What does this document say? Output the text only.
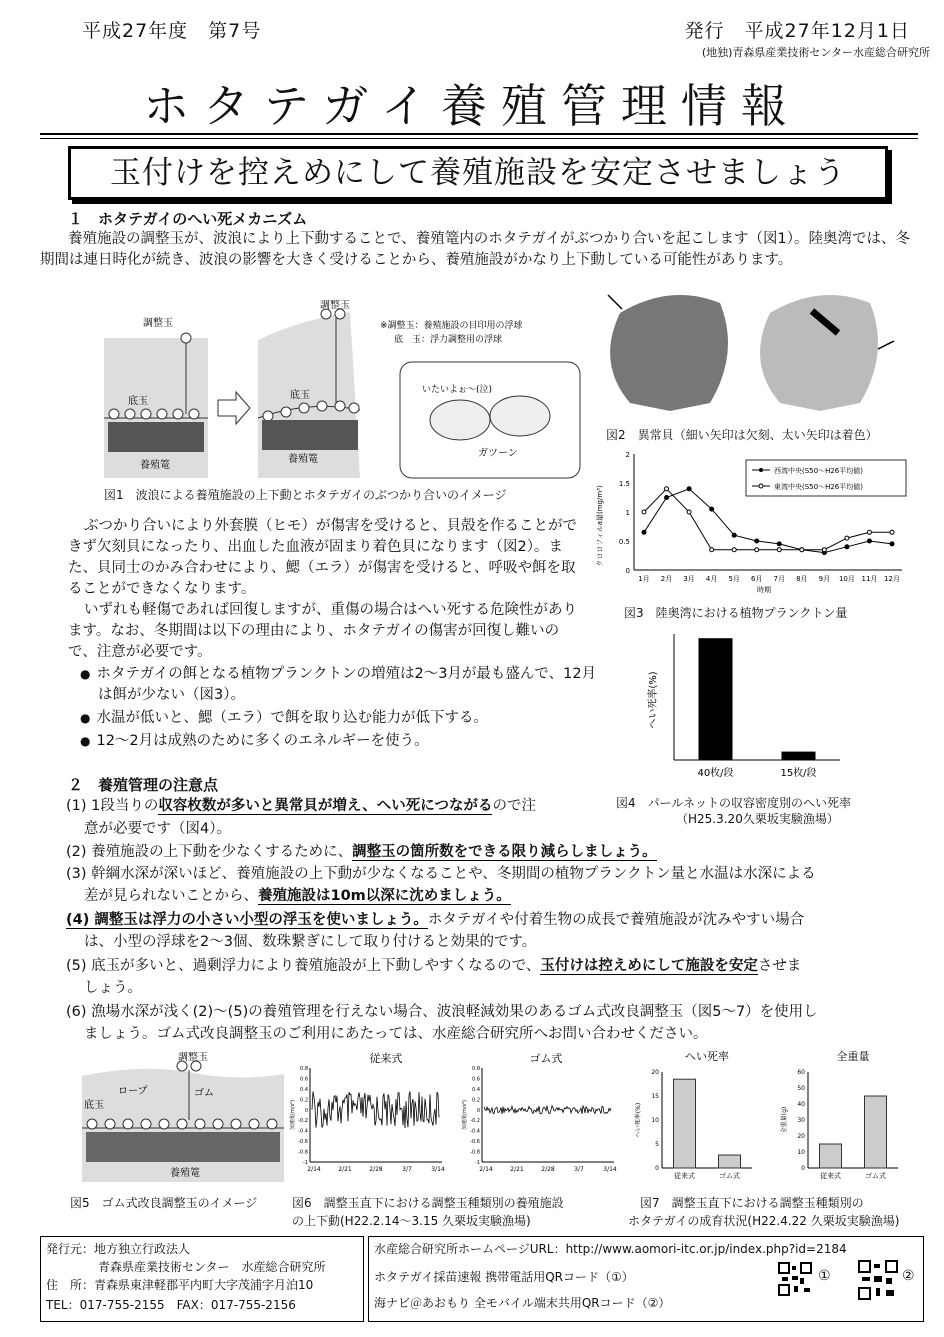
平成27年度　第7号	発行　平成27年12月1日
(地独)青森県産業技術センター水産総合研究所
ホタテガイ養殖管理情報
玉付けを控えめにして養殖施設を安定させましょう
１　ホタテガイのへい死メカニズム
養殖施設の調整玉が、波浪により上下動することで、養殖篭内のホタテガイがぶつかり合いを起こします（図1）。陸奥湾では、冬期間は連日時化が続き、波浪の影響を大きく受けることから、養殖施設がかなり上下動している可能性があります。
調整玉
底玉
養殖篭
底玉
調整玉
養殖篭
※調整玉：養殖施設の目印用の浮球
底　玉：浮力調整用の浮球
いたいよぉ～(泣)
ガツーン
図1　波浪による養殖施設の上下動とホタテガイのぶつかり合いのイメージ
図2　異常貝（細い矢印は欠刻、太い矢印は着色）
クロロフィルa量(mg/m³)
時期
西湾中央(S50～H26平均値)
東湾中央(S50～H26平均値)
0
0.5
1
1.5
2
1月 2月 3月 4月 5月 6月 7月 8月 9月 10月 11月 12月
図3　陸奥湾における植物プランクトン量
ぶつかり合いにより外套膜（ヒモ）が傷害を受けると、貝殻を作ることができず欠刻貝になったり、出血した血液が固まり着色貝になります（図2）。また、貝同士のかみ合わせにより、鰓（エラ）が傷害を受けると、呼吸や餌を取ることができなくなります。
いずれも軽傷であれば回復しますが、重傷の場合はへい死する危険性があります。なお、冬期間は以下の理由により、ホタテガイの傷害が回復し難いので、注意が必要です。
● ホタテガイの餌となる植物プランクトンの増殖は2～3月が最も盛んで、12月は餌が少ない（図3）。
● 水温が低いと、鰓（エラ）で餌を取り込む能力が低下する。
● 12～2月は成熟のために多くのエネルギーを使う。
へい死率(%)
40枚/段	15枚/段
図4　パールネットの収容密度別のへい死率
（H25.3.20久栗坂実験漁場）
２　養殖管理の注意点
(1) 1段当りの収容枚数が多いと異常貝が増え、へい死につながるので注
意が必要です（図4）。
(2) 養殖施設の上下動を少なくするために、調整玉の箇所数をできる限り減らしましょう。
(3) 幹綱水深が深いほど、養殖施設の上下動が少なくなることや、冬期間の植物プランクトン量と水温は水深による
差が見られないことから、養殖施設は10m以深に沈めましょう。
(4) 調整玉は浮力の小さい小型の浮玉を使いましょう。ホタテガイや付着生物の成長で養殖施設が沈みやすい場合
は、小型の浮球を2～3個、数珠繋ぎにして取り付けると効果的です。
(5) 底玉が多いと、過剰浮力により養殖施設が上下動しやすくなるので、玉付けは控えめにして施設を安定させま
しょう。
(6) 漁場水深が浅く(2)～(5)の養殖管理を行えない場合、波浪軽減効果のあるゴム式改良調整玉（図5～7）を使用し
ましょう。ゴム式改良調整玉のご利用にあたっては、水産総合研究所へお問い合わせください。
調整玉
ロープ	ゴム
底玉
養殖篭
図5　ゴム式改良調整玉のイメージ
従来式	ゴム式
0.8
0.6
0.4
0.2
0
-0.2
-0.4
-0.6
-0.8
-1
2/14	2/21	2/28	3/7	3/14
加速度(m/s²)
0.8
0.6
0.4
0.2
0
-0.2
-0.4
-0.6
-0.8
-1
2/14	2/21	2/28	3/7	3/14
加速度(m/s²)
図6　調整玉直下における調整玉種類別の養殖施設
の上下動(H22.2.14～3.15 久栗坂実験漁場)
へい死率
0
5
10
15
20
へい死率(%)
従来式	ゴム式
全重量
0
10
20
30
40
50
60
全重量(g)
従来式	ゴム式
図7　調整玉直下における調整玉種類別の
ホタテガイの成育状況(H22.4.22 久栗坂実験漁場)
発行元：地方独立行政法人
青森県産業技術センター　水産総合研究所
住　所：青森県東津軽郡平内町大字茂浦字月泊10
TEL：017-755-2155　FAX：017-755-2156
水産総合研究所ホームページURL：http://www.aomori-itc.or.jp/index.php?id=2184
ホタテガイ採苗速報 携帯電話用QRコード（①）
海ナビ＠あおもり 全モバイル端末共用QRコード（②）
①	②
